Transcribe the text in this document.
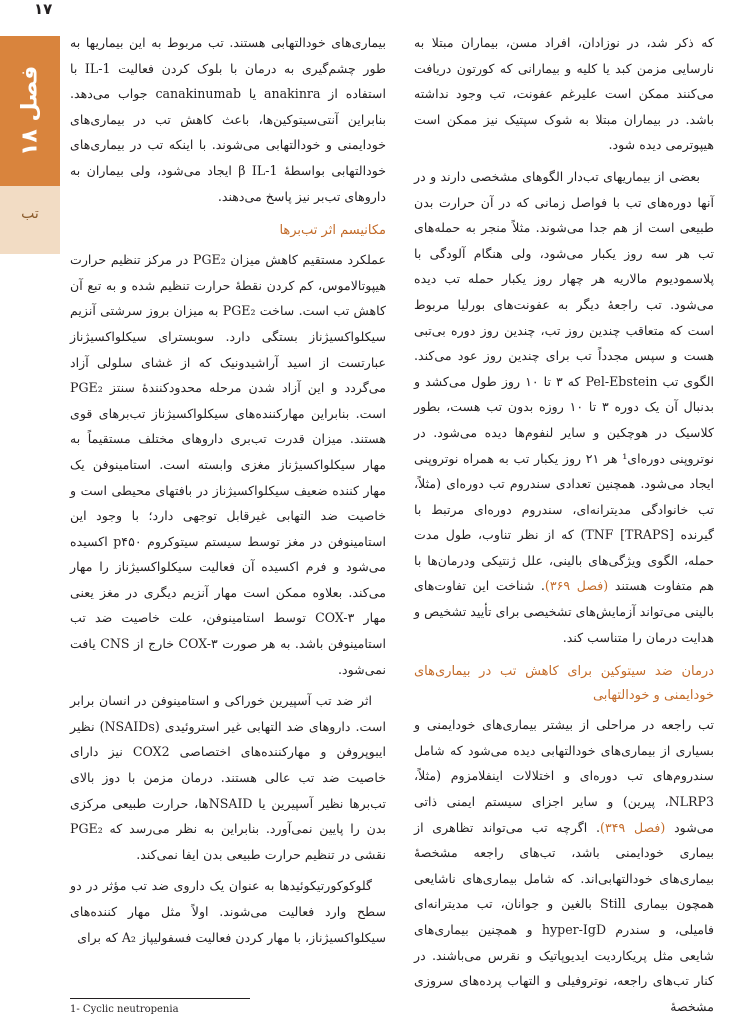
۱۷
فصل ۱۸
تب

که ذکر شد، در نوزادان، افراد مسن، بیماران مبتلا به نارسایی مزمن کبد یا کلیه و بیمارانی که کورتون دریافت می‌کنند ممکن است علیرغم عفونت، تب وجود نداشته باشد. در بیماران مبتلا به شوک سپتیک نیز ممکن است هیپوترمی دیده شود.

بعضی از بیماریهای تب‌دار الگوهای مشخصی دارند و در آنها دوره‌های تب با فواصل زمانی که در آن حرارت بدن طبیعی است از هم جدا می‌شوند. مثلاً منجر به حمله‌های تب هر سه روز یکبار می‌شود، ولی هنگام آلودگی با پلاسمودیوم مالاریه هر چهار روز یکبار حمله تب دیده می‌شود. تب راجعهٔ دیگر به عفونت‌های بورلیا مربوط است که متعاقب چندین روز تب، چندین روز دوره بی‌تبی هست و سپس مجدداً تب برای چندین روز عود می‌کند. الگوی تب Pel-Ebstein که ۳ تا ۱۰ روز طول می‌کشد و بدنبال آن یک دوره ۳ تا ۱۰ روزه بدون تب هست، بطور کلاسیک در هوچکین و سایر لنفوم‌ها دیده می‌شود. در نوتروپنی دوره‌ای¹ هر ۲۱ روز یکبار تب به همراه نوتروپنی ایجاد می‌شود. همچنین تعدادی سندروم تب دوره‌ای (مثلاً، تب خانوادگی مدیترانه‌ای، سندروم دوره‌ای مرتبط با گیرنده TNF [TRAPS]) که از نظر تناوب، طول مدت حمله، الگوی ویژگی‌های بالینی، علل ژنتیکی ودرمان‌ها با هم متفاوت هستند (فصل ۳۶۹). شناخت این تفاوت‌های بالینی می‌تواند آزمایش‌های تشخیصی برای تأیید تشخیص و هدایت درمان را متناسب کند.

درمان ضد سیتوکین برای کاهش تب در بیماری‌های خودایمنی و خودالتهابی

تب راجعه در مراحلی از بیشتر بیماری‌های خودایمنی و بسیاری از بیماری‌های خودالتهابی دیده می‌شود که شامل سندروم‌های تب دوره‌ای و اختلالات اینفلامزوم (مثلاً، NLRP3، پیرین) و سایر اجزای سیستم ایمنی ذاتی می‌شود (فصل ۳۴۹). اگرچه تب می‌تواند تظاهری از بیماری خودایمنی باشد، تب‌های راجعه مشخصهٔ بیماری‌های خودالتهابی‌اند. که شامل بیماری‌های ناشایعی همچون بیماری Still بالغین و جوانان، تب مدیترانه‌ای فامیلی، و سندرم hyper-IgD و همچنین بیماری‌های شایعی مثل پریکاردیت ایدیوپاتیک و نقرس می‌باشند. در کنار تب‌های راجعه، نوتروفیلی و التهاب پرده‌های سروزی مشخصهٔ

بیماری‌های خودالتهابی هستند. تب مربوط به این بیماریها به طور چشم‌گیری به درمان با بلوک کردن فعالیت IL-1 با استفاده از anakinra یا canakinumab جواب می‌دهد. بنابراین آنتی‌سیتوکین‌ها، باعث کاهش تب در بیماری‌های خودایمنی و خودالتهابی می‌شوند. با اینکه تب در بیماری‌های خودالتهابی بواسطهٔ β IL-1 ایجاد می‌شود، ولی بیماران به داروهای تب‌بر نیز پاسخ می‌دهند.

مکانیسم اثر تب‌برها

عملکرد مستقیم کاهش میزان PGE₂ در مرکز تنظیم حرارت هیپوتالاموس، کم کردن نقطهٔ حرارت تنظیم شده و به تبع آن کاهش تب است. ساخت PGE₂ به میزان بروز سرشتی آنزیم سیکلواکسیژناز بستگی دارد. سوبسترای سیکلواکسیژناز عبارتست از اسید آراشیدونیک که از غشای سلولی آزاد می‌گردد و این آزاد شدن مرحله محدودکنندهٔ سنتز PGE₂ است. بنابراین مهارکننده‌های سیکلواکسیژناز تب‌برهای قوی هستند. میزان قدرت تب‌بری داروهای مختلف مستقیماً به مهار سیکلواکسیژناز مغزی وابسته است. استامینوفن یک مهار کننده ضعیف سیکلواکسیژناز در بافتهای محیطی است و خاصیت ضد التهابی غیرقابل توجهی دارد؛ با وجود این استامینوفن در مغز توسط سیستم سیتوکروم p۴۵۰ اکسیده می‌شود و فرم اکسیده آن فعالیت سیکلواکسیژناز را مهار می‌کند. بعلاوه ممکن است مهار آنزیم دیگری در مغز یعنی مهار COX-۳ توسط استامینوفن، علت خاصیت ضد تب استامینوفن باشد. به هر صورت COX-۳ خارج از CNS یافت نمی‌شود.

اثر ضد تب آسپیرین خوراکی و استامینوفن در انسان برابر است. داروهای ضد التهابی غیر استروئیدی (NSAIDs) نظیر ایبوپروفن و مهارکننده‌های اختصاصی COX2 نیز دارای خاصیت ضد تب عالی هستند. درمان مزمن با دوز بالای تب‌برها نظیر آسپیرین یا NSAIDها، حرارت طبیعی مرکزی بدن را پایین نمی‌آورد. بنابراین به نظر می‌رسد که PGE₂ نقشی در تنظیم حرارت طبیعی بدن ایفا نمی‌کند.

گلوکوکورتیکوئیدها به عنوان یک داروی ضد تب مؤثر در دو سطح وارد فعالیت می‌شوند. اولاً مثل مهار کننده‌های سیکلواکسیژناز، با مهار کردن فعالیت فسفولیپاز A₂ که برای

1- Cyclic neutropenia
